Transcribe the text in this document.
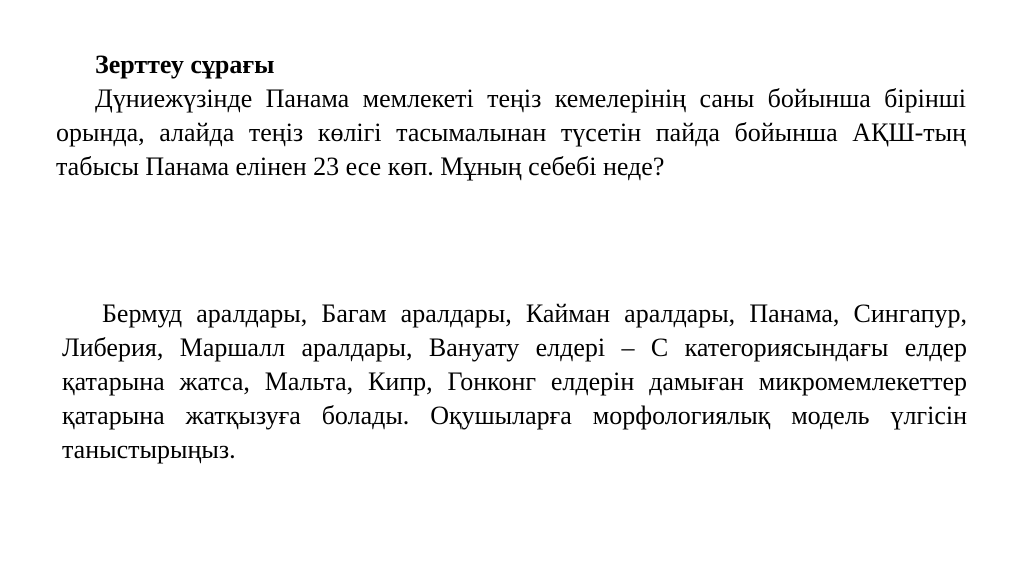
Зерттеу сұрағы

Дүниежүзінде Панама мемлекеті теңіз кемелерінің саны бойынша бірінші орында, алайда теңіз көлігі тасымалынан түсетін пайда бойынша АҚШ-тың табысы Панама елінен 23 есе көп. Мұның себебі неде?

Бермуд аралдары, Багам аралдары, Кайман аралдары, Панама, Сингапур, Либерия, Маршалл аралдары, Вануату елдері – С категориясындағы елдер қатарына жатса, Мальта, Кипр, Гонконг елдерін дамыған микромемлекеттер қатарына жатқызуға болады. Оқушыларға морфологиялық модель үлгісін таныстырыңыз.
